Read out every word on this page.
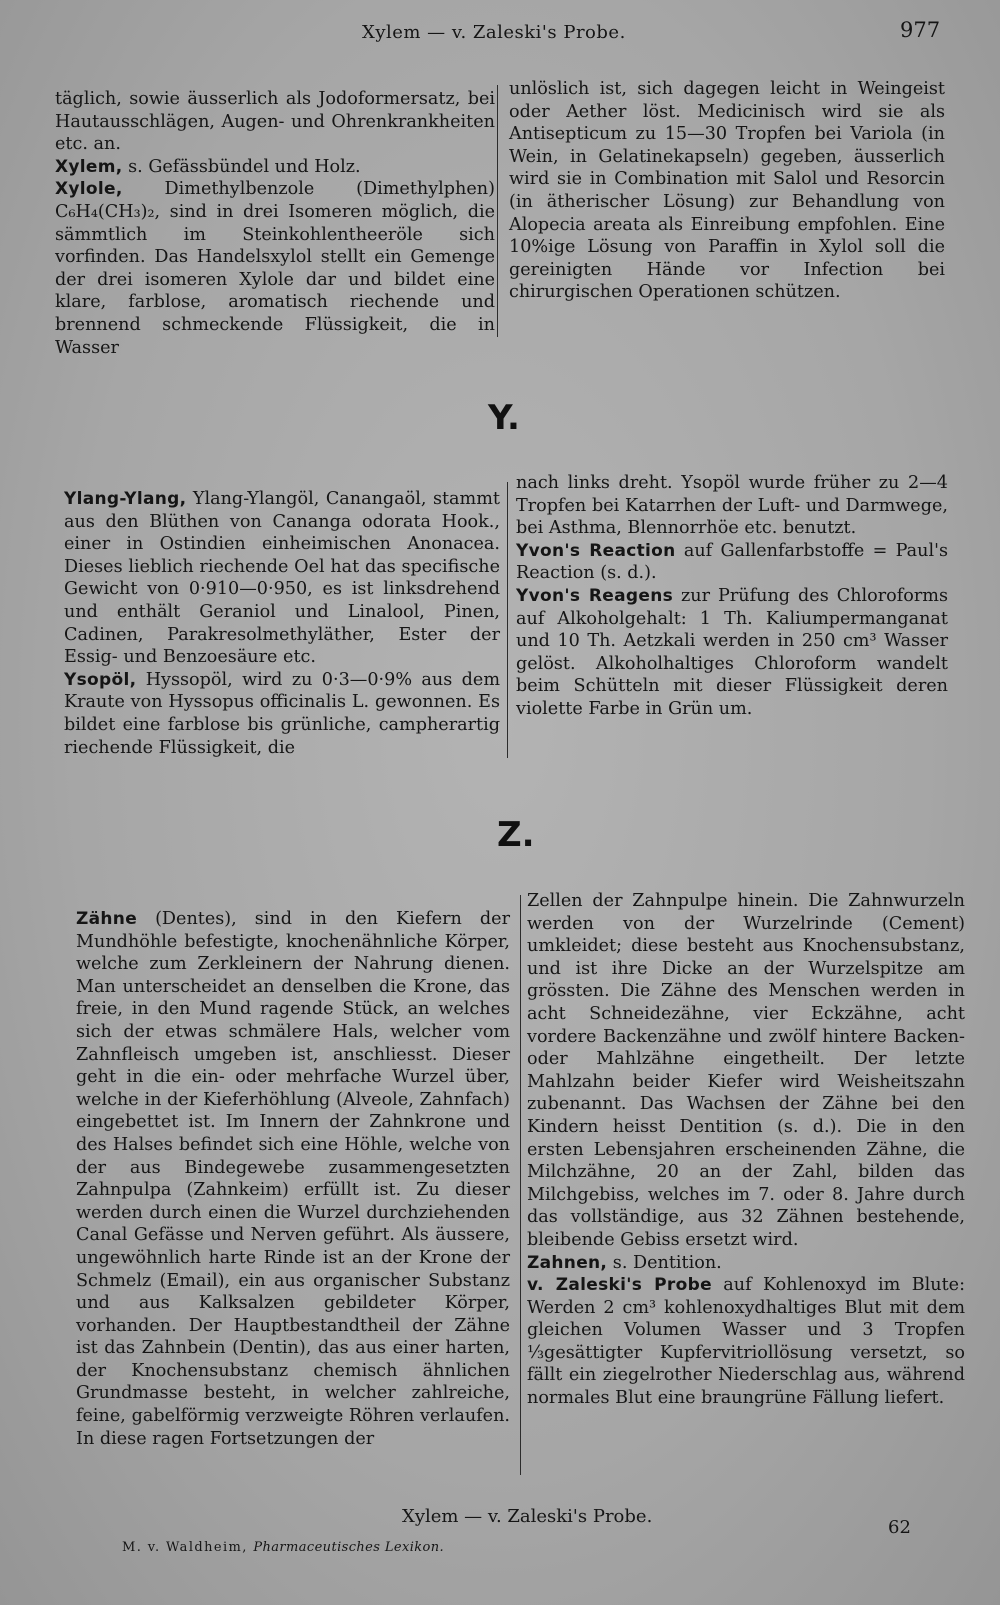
Xylem — v. Zaleski's Probe.	977

täglich, sowie äusserlich als Jodoformersatz, bei Hautausschlägen, Augen- und Ohrenkrankheiten etc. an.

Xylem, s. Gefässbündel und Holz.

Xylole, Dimethylbenzole (Dimethylphen) C₆H₄(CH₃)₂, sind in drei Isomeren möglich, die sämmtlich im Steinkohlentheeröle sich vorfinden. Das Handelsxylol stellt ein Gemenge der drei isomeren Xylole dar und bildet eine klare, farblose, aromatisch riechende und brennend schmeckende Flüssigkeit, die in Wasser

unlöslich ist, sich dagegen leicht in Weingeist oder Aether löst. Medicinisch wird sie als Antisepticum zu 15—30 Tropfen bei Variola (in Wein, in Gelatinekapseln) gegeben, äusserlich wird sie in Combination mit Salol und Resorcin (in ätherischer Lösung) zur Behandlung von Alopecia areata als Einreibung empfohlen. Eine 10%ige Lösung von Paraffin in Xylol soll die gereinigten Hände vor Infection bei chirurgischen Operationen schützen.

Y.

Ylang-Ylang, Ylang-Ylangöl, Canangaöl, stammt aus den Blüthen von Cananga odorata Hook., einer in Ostindien einheimischen Anonacea. Dieses lieblich riechende Oel hat das specifische Gewicht von 0·910—0·950, es ist linksdrehend und enthält Geraniol und Linalool, Pinen, Cadinen, Parakresolmethyläther, Ester der Essig- und Benzoesäure etc.

Ysopöl, Hyssopöl, wird zu 0·3—0·9% aus dem Kraute von Hyssopus officinalis L. gewonnen. Es bildet eine farblose bis grünliche, campherartig riechende Flüssigkeit, die

nach links dreht. Ysopöl wurde früher zu 2—4 Tropfen bei Katarrhen der Luft- und Darmwege, bei Asthma, Blennorrhöe etc. benutzt.

Yvon's Reaction auf Gallenfarbstoffe = Paul's Reaction (s. d.).

Yvon's Reagens zur Prüfung des Chloroforms auf Alkoholgehalt: 1 Th. Kaliumpermanganat und 10 Th. Aetzkali werden in 250 cm³ Wasser gelöst. Alkoholhaltiges Chloroform wandelt beim Schütteln mit dieser Flüssigkeit deren violette Farbe in Grün um.

Z.

Zähne (Dentes), sind in den Kiefern der Mundhöhle befestigte, knochenähnliche Körper, welche zum Zerkleinern der Nahrung dienen. Man unterscheidet an denselben die Krone, das freie, in den Mund ragende Stück, an welches sich der etwas schmälere Hals, welcher vom Zahnfleisch umgeben ist, anschliesst. Dieser geht in die ein- oder mehrfache Wurzel über, welche in der Kieferhöhlung (Alveole, Zahnfach) eingebettet ist. Im Innern der Zahnkrone und des Halses befindet sich eine Höhle, welche von der aus Bindegewebe zusammengesetzten Zahnpulpa (Zahnkeim) erfüllt ist. Zu dieser werden durch einen die Wurzel durchziehenden Canal Gefässe und Nerven geführt. Als äussere, ungewöhnlich harte Rinde ist an der Krone der Schmelz (Email), ein aus organischer Substanz und aus Kalksalzen gebildeter Körper, vorhanden. Der Hauptbestandtheil der Zähne ist das Zahnbein (Dentin), das aus einer harten, der Knochensubstanz chemisch ähnlichen Grundmasse besteht, in welcher zahlreiche, feine, gabelförmig verzweigte Röhren verlaufen. In diese ragen Fortsetzungen der

Zellen der Zahnpulpe hinein. Die Zahnwurzeln werden von der Wurzelrinde (Cement) umkleidet; diese besteht aus Knochensubstanz, und ist ihre Dicke an der Wurzelspitze am grössten. Die Zähne des Menschen werden in acht Schneidezähne, vier Eckzähne, acht vordere Backenzähne und zwölf hintere Backen- oder Mahlzähne eingetheilt. Der letzte Mahlzahn beider Kiefer wird Weisheitszahn zubenannt. Das Wachsen der Zähne bei den Kindern heisst Dentition (s. d.). Die in den ersten Lebensjahren erscheinenden Zähne, die Milchzähne, 20 an der Zahl, bilden das Milchgebiss, welches im 7. oder 8. Jahre durch das vollständige, aus 32 Zähnen bestehende, bleibende Gebiss ersetzt wird.

Zahnen, s. Dentition.

v. Zaleski's Probe auf Kohlenoxyd im Blute: Werden 2 cm³ kohlenoxydhaltiges Blut mit dem gleichen Volumen Wasser und 3 Tropfen ⅓gesättigter Kupfervitriollösung versetzt, so fällt ein ziegelrother Niederschlag aus, während normales Blut eine braungrüne Fällung liefert.

Xylem — v. Zaleski's Probe.
M. v. Waldheim, Pharmaceutisches Lexikon.
62
